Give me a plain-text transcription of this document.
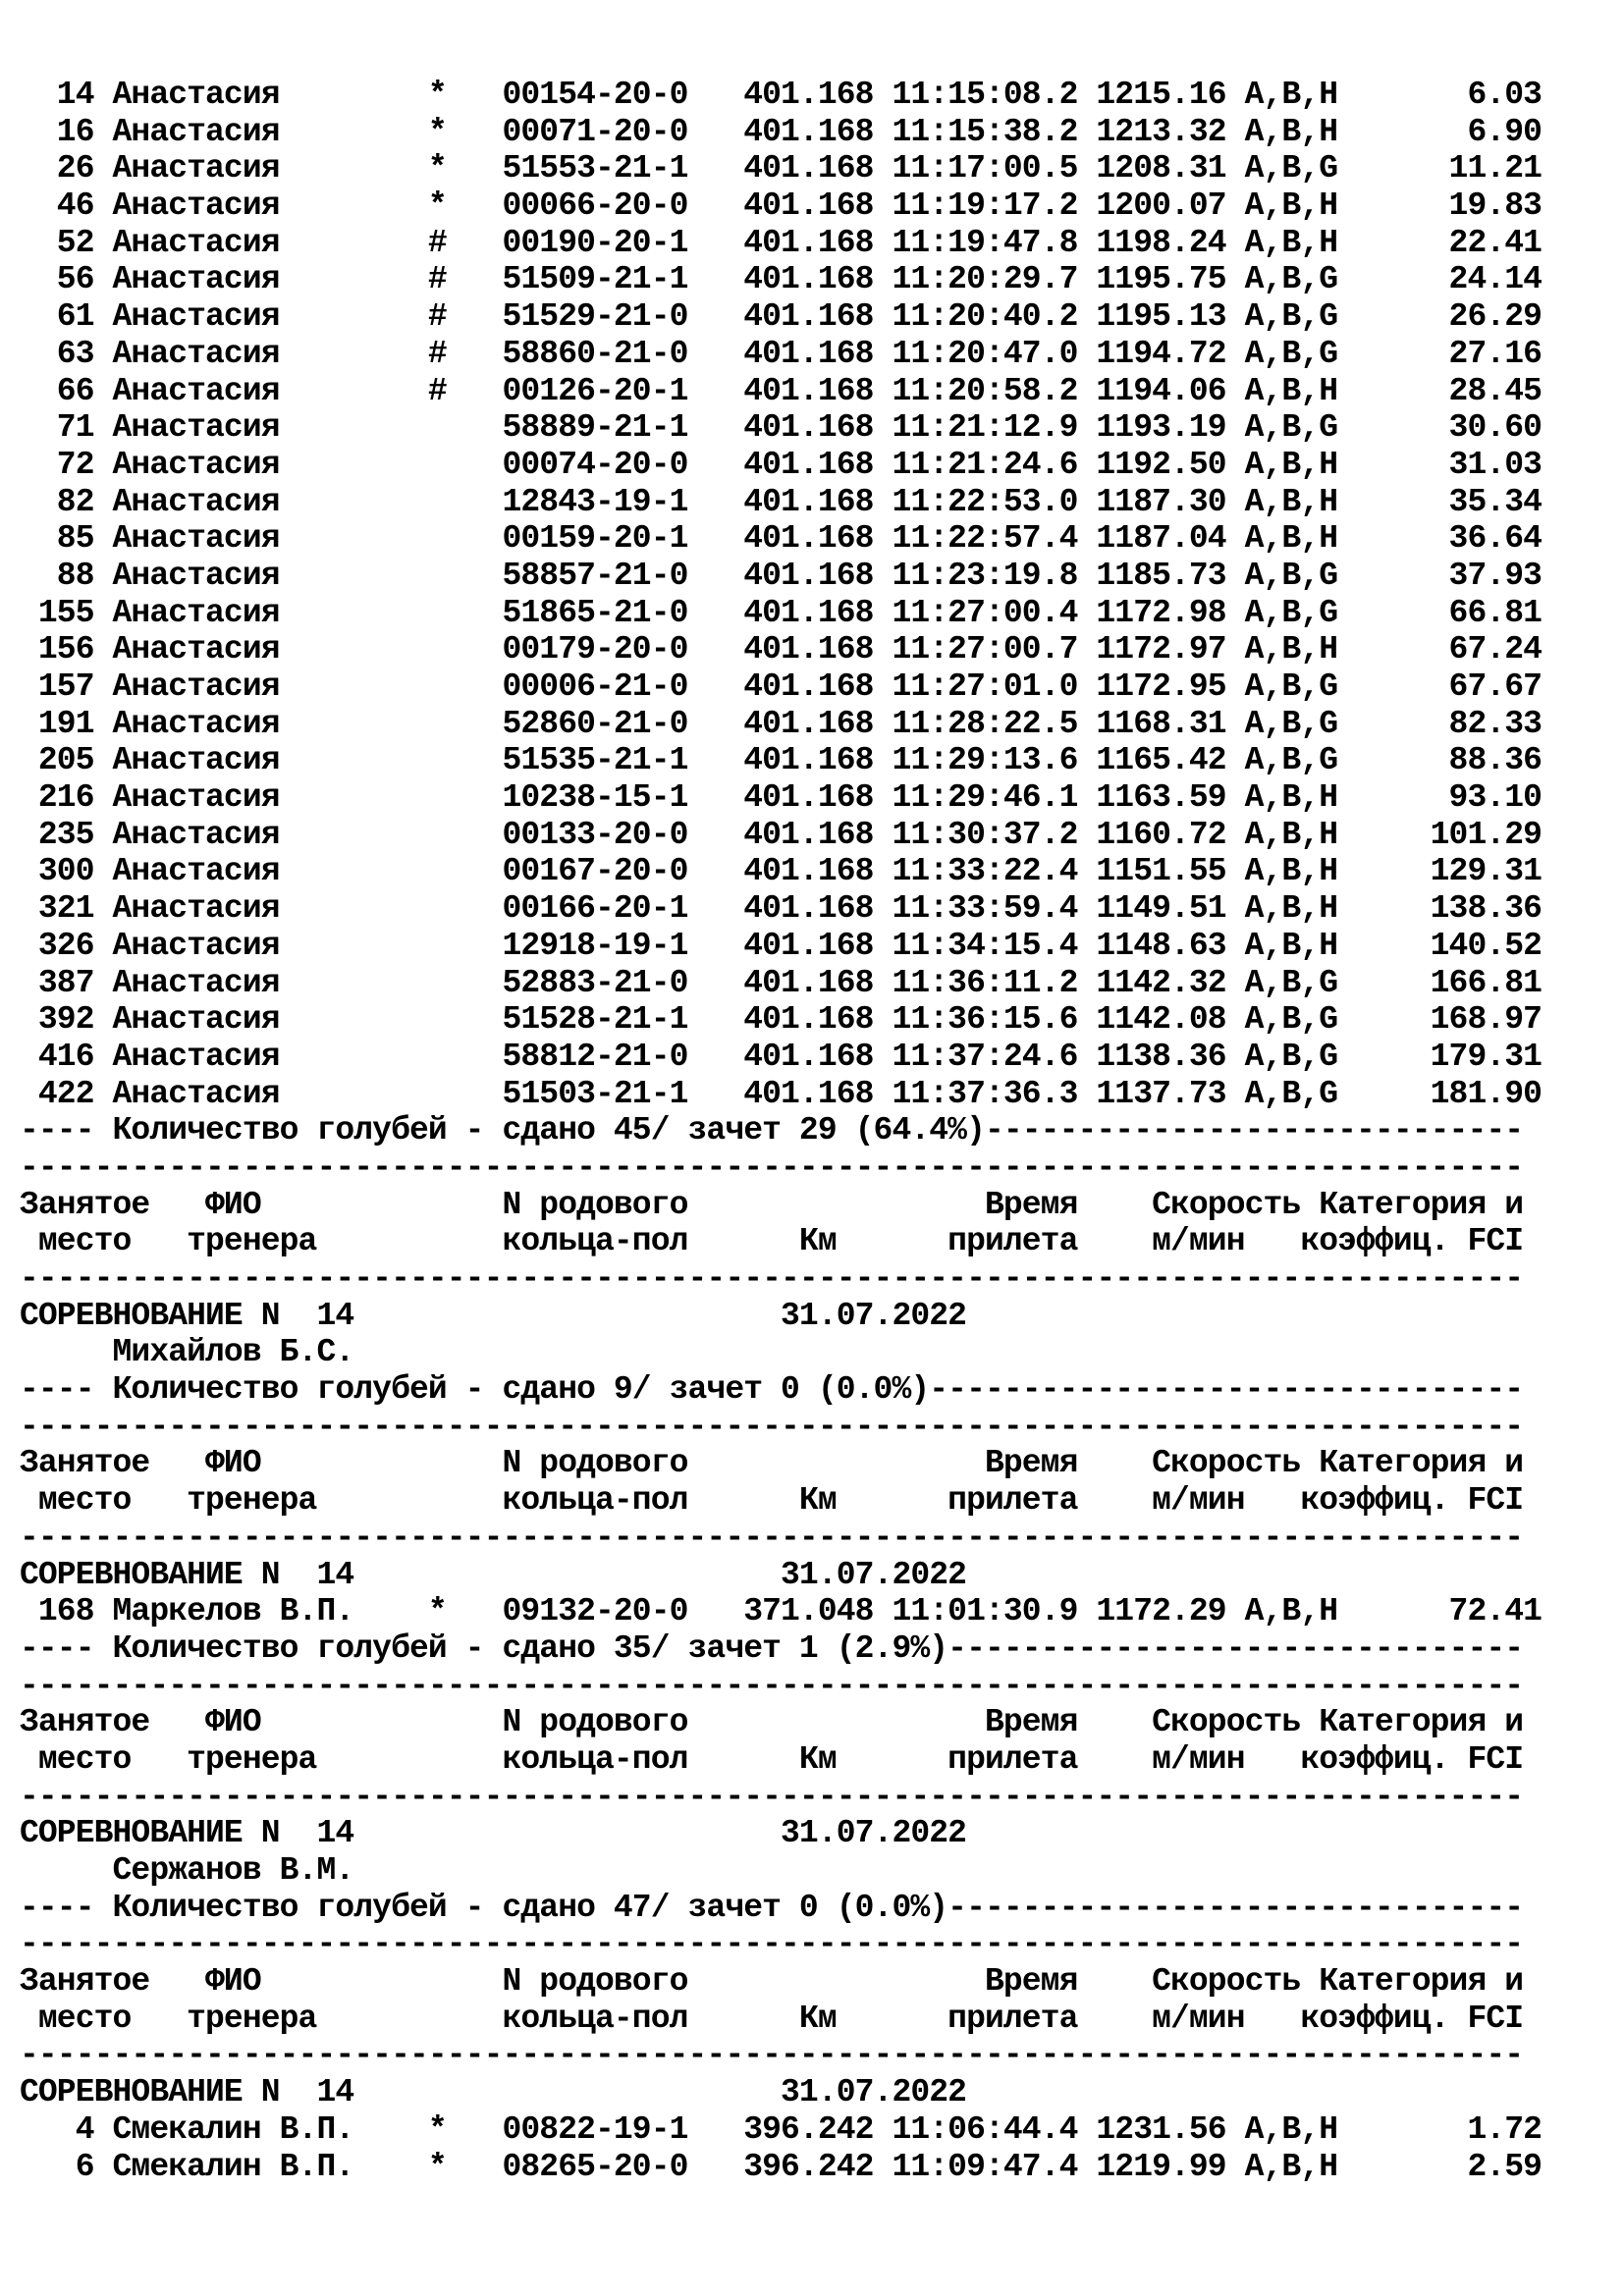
14 Анастасия        *   00154-20-0   401.168 11:15:08.2 1215.16 A,B,H       6.03
16 Анастасия        *   00071-20-0   401.168 11:15:38.2 1213.32 A,B,H       6.90
26 Анастасия        *   51553-21-1   401.168 11:17:00.5 1208.31 A,B,G      11.21
46 Анастасия        *   00066-20-0   401.168 11:19:17.2 1200.07 A,B,H      19.83
52 Анастасия        #   00190-20-1   401.168 11:19:47.8 1198.24 A,B,H      22.41
56 Анастасия        #   51509-21-1   401.168 11:20:29.7 1195.75 A,B,G      24.14
61 Анастасия        #   51529-21-0   401.168 11:20:40.2 1195.13 A,B,G      26.29
63 Анастасия        #   58860-21-0   401.168 11:20:47.0 1194.72 A,B,G      27.16
66 Анастасия        #   00126-20-1   401.168 11:20:58.2 1194.06 A,B,H      28.45
71 Анастасия            58889-21-1   401.168 11:21:12.9 1193.19 A,B,G      30.60
72 Анастасия            00074-20-0   401.168 11:21:24.6 1192.50 A,B,H      31.03
82 Анастасия            12843-19-1   401.168 11:22:53.0 1187.30 A,B,H      35.34
85 Анастасия            00159-20-1   401.168 11:22:57.4 1187.04 A,B,H      36.64
88 Анастасия            58857-21-0   401.168 11:23:19.8 1185.73 A,B,G      37.93
155 Анастасия            51865-21-0   401.168 11:27:00.4 1172.98 A,B,G      66.81
156 Анастасия            00179-20-0   401.168 11:27:00.7 1172.97 A,B,H      67.24
157 Анастасия            00006-21-0   401.168 11:27:01.0 1172.95 A,B,G      67.67
191 Анастасия            52860-21-0   401.168 11:28:22.5 1168.31 A,B,G      82.33
205 Анастасия            51535-21-1   401.168 11:29:13.6 1165.42 A,B,G      88.36
216 Анастасия            10238-15-1   401.168 11:29:46.1 1163.59 A,B,H      93.10
235 Анастасия            00133-20-0   401.168 11:30:37.2 1160.72 A,B,H     101.29
300 Анастасия            00167-20-0   401.168 11:33:22.4 1151.55 A,B,H     129.31
321 Анастасия            00166-20-1   401.168 11:33:59.4 1149.51 A,B,H     138.36
326 Анастасия            12918-19-1   401.168 11:34:15.4 1148.63 A,B,H     140.52
387 Анастасия            52883-21-0   401.168 11:36:11.2 1142.32 A,B,G     166.81
392 Анастасия            51528-21-1   401.168 11:36:15.6 1142.08 A,B,G     168.97
416 Анастасия            58812-21-0   401.168 11:37:24.6 1138.36 A,B,G     179.31
422 Анастасия            51503-21-1   401.168 11:37:36.3 1137.73 A,B,G     181.90
---- Количество голубей - сдано 45/ зачет 29 (64.4%)-----------------------------
---------------------------------------------------------------------------------
Занятое   ФИО             N родового                Время    Скорость Категория и
место   тренера          кольца-пол      Км      прилета    м/мин   коэффиц. FCI
---------------------------------------------------------------------------------
СОРЕВНОВАНИЕ N  14                       31.07.2022
Михайлов Б.С.
---- Количество голубей - сдано 9/ зачет 0 (0.0%)--------------------------------
---------------------------------------------------------------------------------
Занятое   ФИО             N родового                Время    Скорость Категория и
место   тренера          кольца-пол      Км      прилета    м/мин   коэффиц. FCI
---------------------------------------------------------------------------------
СОРЕВНОВАНИЕ N  14                       31.07.2022
168 Маркелов В.П.    *   09132-20-0   371.048 11:01:30.9 1172.29 A,B,H      72.41
---- Количество голубей - сдано 35/ зачет 1 (2.9%)-------------------------------
---------------------------------------------------------------------------------
Занятое   ФИО             N родового                Время    Скорость Категория и
место   тренера          кольца-пол      Км      прилета    м/мин   коэффиц. FCI
---------------------------------------------------------------------------------
СОРЕВНОВАНИЕ N  14                       31.07.2022
Сержанов В.М.
---- Количество голубей - сдано 47/ зачет 0 (0.0%)-------------------------------
---------------------------------------------------------------------------------
Занятое   ФИО             N родового                Время    Скорость Категория и
место   тренера          кольца-пол      Км      прилета    м/мин   коэффиц. FCI
---------------------------------------------------------------------------------
СОРЕВНОВАНИЕ N  14                       31.07.2022
4 Смекалин В.П.    *   00822-19-1   396.242 11:06:44.4 1231.56 A,B,H       1.72
6 Смекалин В.П.    *   08265-20-0   396.242 11:09:47.4 1219.99 A,B,H       2.59
